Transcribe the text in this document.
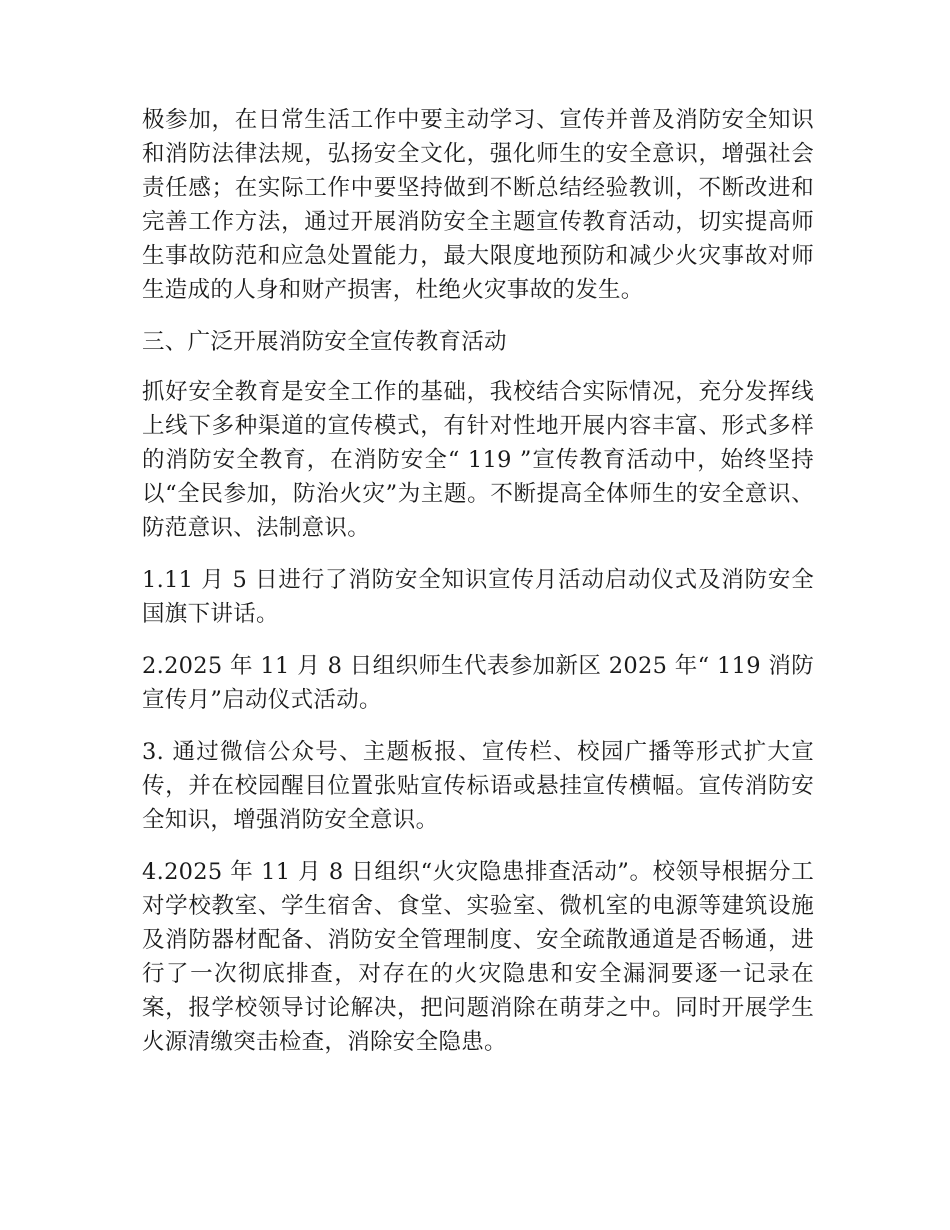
极参加，在日常生活工作中要主动学习、宣传并普及消防安全知识和消防法律法规，弘扬安全文化，强化师生的安全意识，增强社会责任感；在实际工作中要坚持做到不断总结经验教训，不断改进和完善工作方法，通过开展消防安全主题宣传教育活动，切实提高师生事故防范和应急处置能力，最大限度地预防和减少火灾事故对师生造成的人身和财产损害，杜绝火灾事故的发生。

三、广泛开展消防安全宣传教育活动

抓好安全教育是安全工作的基础，我校结合实际情况，充分发挥线上线下多种渠道的宣传模式，有针对性地开展内容丰富、形式多样的消防安全教育，在消防安全“ 119 ”宣传教育活动中，始终坚持以“全民参加，防治火灾”为主题。不断提高全体师生的安全意识、防范意识、法制意识。

1.11 月 5 日进行了消防安全知识宣传月活动启动仪式及消防安全国旗下讲话。

2.2025 年 11 月 8 日组织师生代表参加新区 2025 年“ 119 消防宣传月”启动仪式活动。

3. 通过微信公众号、主题板报、宣传栏、校园广播等形式扩大宣传，并在校园醒目位置张贴宣传标语或悬挂宣传横幅。宣传消防安全知识，增强消防安全意识。

4.2025 年 11 月 8 日组织“火灾隐患排查活动”。校领导根据分工对学校教室、学生宿舍、食堂、实验室、微机室的电源等建筑设施及消防器材配备、消防安全管理制度、安全疏散通道是否畅通，进行了一次彻底排查，对存在的火灾隐患和安全漏洞要逐一记录在案，报学校领导讨论解决，把问题消除在萌芽之中。同时开展学生火源清缴突击检查，消除安全隐患。
